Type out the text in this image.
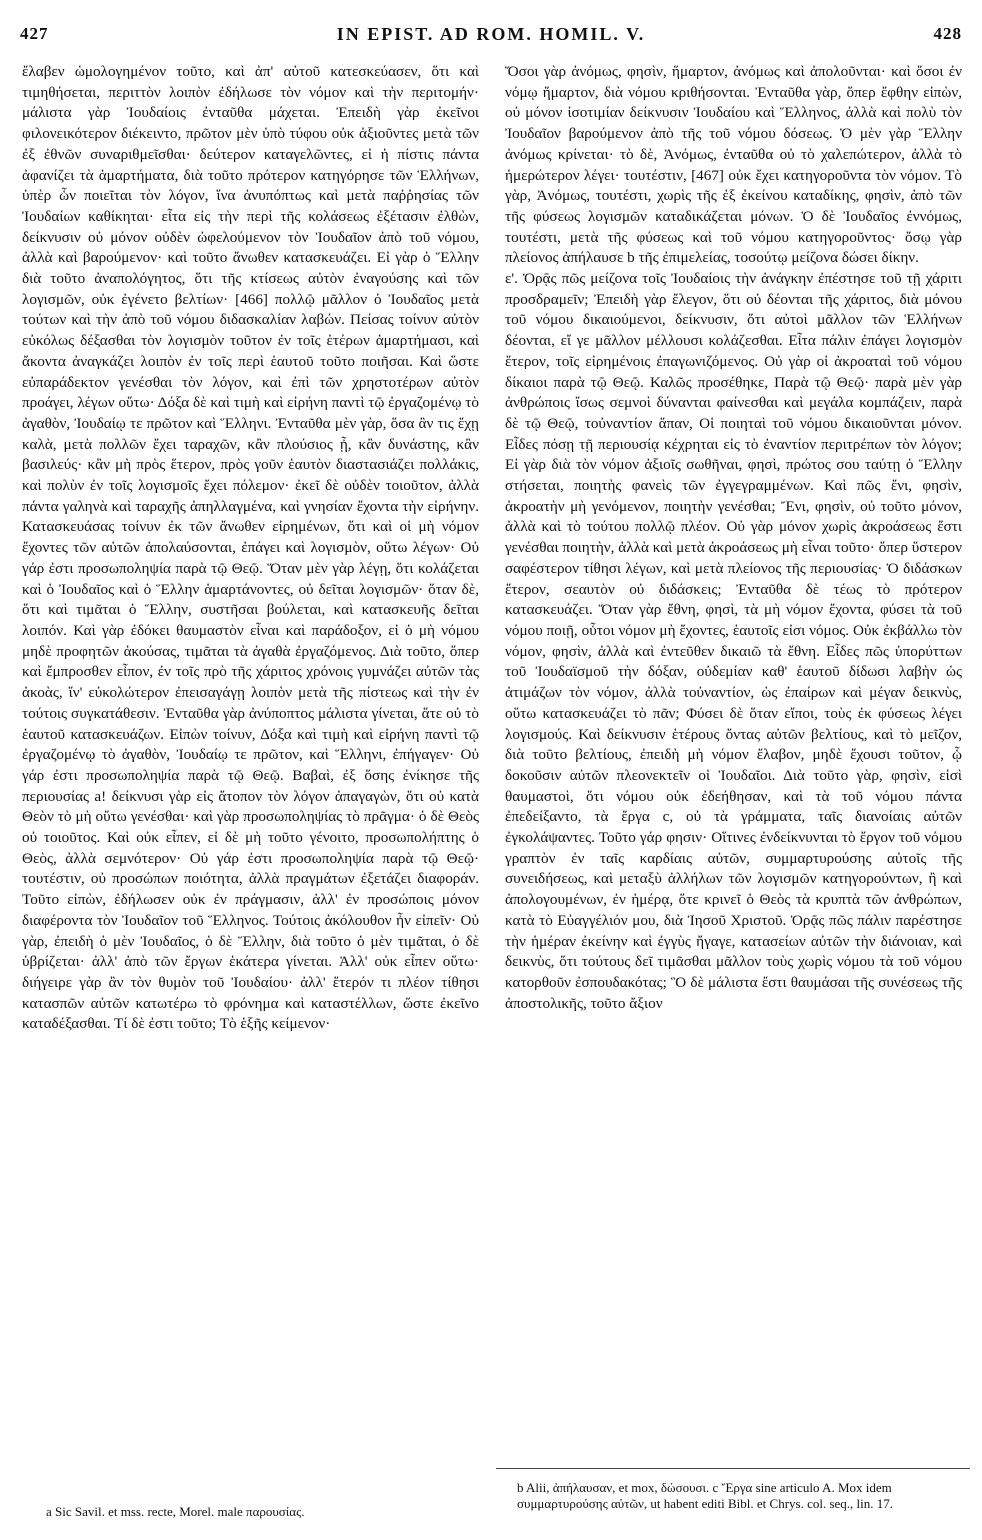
427	IN EPIST. AD ROM. HOMIL. V.	428

ἔλαβεν ὡμολογημένον τοῦτο, καὶ ἀπ' αὐτοῦ κατεσκεύασεν, ὅτι καὶ τιμηθήσεται, περιττὸν λοιπὸν ἐδήλωσε τὸν νόμον καὶ τὴν περιτομήν· μάλιστα γὰρ Ἰουδαίοις ἐνταῦθα μάχεται. Ἐπειδὴ γὰρ ἐκεῖνοι φιλονεικότερον διέκειντο, πρῶτον μὲν ὑπὸ τύφου οὐκ ἀξιοῦντες μετὰ τῶν ἐξ ἐθνῶν συναριθμεῖσθαι· δεύτερον καταγελῶντες, εἰ ἡ πίστις πάντα ἀφανίζει τὰ ἁμαρτήματα, διὰ τοῦτο πρότερον κατηγόρησε τῶν Ἑλλήνων, ὑπὲρ ὧν ποιεῖται τὸν λόγον, ἵνα ἀνυπόπτως καὶ μετὰ παῤῥησίας τῶν Ἰουδαίων καθίκηται· εἶτα εἰς τὴν περὶ τῆς κολάσεως ἐξέτασιν ἐλθὼν, δείκνυσιν οὐ μόνον οὐδὲν ὠφελούμενον τὸν Ἰουδαῖον ἀπὸ τοῦ νόμου, ἀλλὰ καὶ βαρούμενον· καὶ τοῦτο ἄνωθεν κατασκευάζει. Εἰ γὰρ ὁ Ἕλλην διὰ τοῦτο ἀναπολόγητος, ὅτι τῆς κτίσεως αὐτὸν ἐναγούσης καὶ τῶν λογισμῶν, οὐκ ἐγένετο βελτίων· [466] πολλῷ μᾶλλον ὁ Ἰουδαῖος μετὰ τούτων καὶ τὴν ἀπὸ τοῦ νόμου διδασκαλίαν λαβών. Πείσας τοίνυν αὐτὸν εὐκόλως δέξασθαι τὸν λογισμὸν τοῦτον ἐν τοῖς ἑτέρων ἁμαρτήμασι, καὶ ἄκοντα ἀναγκάζει λοιπὸν ἐν τοῖς περὶ ἑαυτοῦ τοῦτο ποιῆσαι. Καὶ ὥστε εὐπαράδεκτον γενέσθαι τὸν λόγον, καὶ ἐπὶ τῶν χρηστοτέρων αὐτὸν προάγει, λέγων οὕτω· Δόξα δὲ καὶ τιμὴ καὶ εἰρήνη παντὶ τῷ ἐργαζομένῳ τὸ ἀγαθὸν, Ἰουδαίῳ τε πρῶτον καὶ Ἕλληνι. Ἐνταῦθα μὲν γὰρ, ὅσα ἂν τις ἔχῃ καλὰ, μετὰ πολλῶν ἔχει ταραχῶν, κἂν πλούσιος ᾖ, κἂν δυνάστης, κἂν βασιλεύς· κἂν μὴ πρὸς ἕτερον, πρὸς γοῦν ἑαυτὸν διαστασιάζει πολλάκις, καὶ πολὺν ἐν τοῖς λογισμοῖς ἔχει πόλεμον· ἐκεῖ δὲ οὐδὲν τοιοῦτον, ἀλλὰ πάντα γαληνὰ καὶ ταραχῆς ἀπηλλαγμένα, καὶ γνησίαν ἔχοντα τὴν εἰρήνην. Κατασκευάσας τοίνυν ἐκ τῶν ἄνωθεν εἰρημένων, ὅτι καὶ οἱ μὴ νόμον ἔχοντες τῶν αὐτῶν ἀπολαύσονται, ἐπάγει καὶ λογισμὸν, οὕτω λέγων· Οὐ γάρ ἐστι προσωποληψία παρὰ τῷ Θεῷ. Ὅταν μὲν γὰρ λέγῃ, ὅτι κολάζεται καὶ ὁ Ἰουδαῖος καὶ ὁ Ἕλλην ἁμαρτάνοντες, οὐ δεῖται λογισμῶν· ὅταν δὲ, ὅτι καὶ τιμᾶται ὁ Ἕλλην, συστῆσαι βούλεται, καὶ κατασκευῆς δεῖται λοιπόν. Καὶ γὰρ ἐδόκει θαυμαστὸν εἶναι καὶ παράδοξον, εἰ ὁ μὴ νόμου μηδὲ προφητῶν ἀκούσας, τιμᾶται τὰ ἀγαθὰ ἐργαζόμενος. Διὰ τοῦτο, ὅπερ καὶ ἔμπροσθεν εἶπον, ἐν τοῖς πρὸ τῆς χάριτος χρόνοις γυμνάζει αὐτῶν τὰς ἀκοὰς, ἵν' εὐκολώτερον ἐπεισαγάγῃ λοιπὸν μετὰ τῆς πίστεως καὶ τὴν ἐν τούτοις συγκατάθεσιν. Ἐνταῦθα γὰρ ἀνύποπτος μάλιστα γίνεται, ἅτε οὐ τὸ ἑαυτοῦ κατασκευάζων. Εἰπὼν τοίνυν, Δόξα καὶ τιμὴ καὶ εἰρήνη παντὶ τῷ ἐργαζομένῳ τὸ ἀγαθὸν, Ἰουδαίῳ τε πρῶτον, καὶ Ἕλληνι, ἐπήγαγεν· Οὐ γάρ ἐστι προσωποληψία παρὰ τῷ Θεῷ. Βαβαὶ, ἐξ ὅσης ἐνίκησε τῆς περιουσίας a! δείκνυσι γὰρ εἰς ἄτοπον τὸν λόγον ἀπαγαγὼν, ὅτι οὐ κατὰ Θεὸν τὸ μὴ οὕτω γενέσθαι· καὶ γὰρ προσωποληψίας τὸ πρᾶγμα· ὁ δὲ Θεὸς οὐ τοιοῦτος. Καὶ οὐκ εἶπεν, εἰ δὲ μὴ τοῦτο γένοιτο, προσωπολήπτης ὁ Θεὸς, ἀλλὰ σεμνότερον· Οὐ γάρ ἐστι προσωποληψία παρὰ τῷ Θεῷ· τουτέστιν, οὐ προσώπων ποιότητα, ἀλλὰ πραγμάτων ἐξετάζει διαφοράν. Τοῦτο εἰπὼν, ἐδήλωσεν οὐκ ἐν πράγμασιν, ἀλλ' ἐν προσώποις μόνον διαφέροντα τὸν Ἰουδαῖον τοῦ Ἕλληνος. Τούτοις ἀκόλουθον ἦν εἰπεῖν· Οὐ γὰρ, ἐπειδὴ ὁ μὲν Ἰουδαῖος, ὁ δὲ Ἕλλην, διὰ τοῦτο ὁ μὲν τιμᾶται, ὁ δὲ ὑβρίζεται· ἀλλ' ἀπὸ τῶν ἔργων ἑκάτερα γίνεται. Ἀλλ' οὐκ εἶπεν οὕτω· διήγειρε γὰρ ἂν τὸν θυμὸν τοῦ Ἰουδαίου· ἀλλ' ἕτερόν τι πλέον τίθησι κατασπῶν αὐτῶν κατωτέρω τὸ φρόνημα καὶ καταστέλλων, ὥστε ἐκεῖνο καταδέξασθαι. Τί δὲ ἐστι τοῦτο; Τὸ ἑξῆς κείμενον·

Ὅσοι γὰρ ἀνόμως, φησὶν, ἥμαρτον, ἀνόμως καὶ ἀπολοῦνται· καὶ ὅσοι ἐν νόμῳ ἥμαρτον, διὰ νόμου κριθήσονται. Ἐνταῦθα γὰρ, ὅπερ ἔφθην εἰπὼν, οὐ μόνον ἰσοτιμίαν δείκνυσιν Ἰουδαίου καὶ Ἕλληνος, ἀλλὰ καὶ πολὺ τὸν Ἰουδαῖον βαρούμενον ἀπὸ τῆς τοῦ νόμου δόσεως. Ὁ μὲν γὰρ Ἕλλην ἀνόμως κρίνεται· τὸ δὲ, Ἀνόμως, ἐνταῦθα οὐ τὸ χαλεπώτερον, ἀλλὰ τὸ ἡμερώτερον λέγει· τουτέστιν, [467] οὐκ ἔχει κατηγοροῦντα τὸν νόμον. Τὸ γὰρ, Ἀνόμως, τουτέστι, χωρὶς τῆς ἐξ ἐκείνου καταδίκης, φησὶν, ἀπὸ τῶν τῆς φύσεως λογισμῶν καταδικάζεται μόνων. Ὁ δὲ Ἰουδαῖος ἐννόμως, τουτέστι, μετὰ τῆς φύσεως καὶ τοῦ νόμου κατηγοροῦντος· ὅσῳ γὰρ πλείονος ἀπήλαυσε b τῆς ἐπιμελείας, τοσούτῳ μείζονα δώσει δίκην.

ε'. Ὁρᾷς πῶς μείζονα τοῖς Ἰουδαίοις τὴν ἀνάγκην ἐπέστησε τοῦ τῇ χάριτι προσδραμεῖν; Ἐπειδὴ γὰρ ἔλεγον, ὅτι οὐ δέονται τῆς χάριτος, διὰ μόνου τοῦ νόμου δικαιούμενοι, δείκνυσιν, ὅτι αὐτοὶ μᾶλλον τῶν Ἑλλήνων δέονται, εἴ γε μᾶλλον μέλλουσι κολάζεσθαι. Εἶτα πάλιν ἐπάγει λογισμὸν ἕτερον, τοῖς εἰρημένοις ἐπαγωνιζόμενος. Οὐ γὰρ οἱ ἀκροαταὶ τοῦ νόμου δίκαιοι παρὰ τῷ Θεῷ. Καλῶς προσέθηκε, Παρὰ τῷ Θεῷ· παρὰ μὲν γὰρ ἀνθρώποις ἴσως σεμνοὶ δύνανται φαίνεσθαι καὶ μεγάλα κομπάζειν, παρὰ δὲ τῷ Θεῷ, τοὐναντίον ἅπαν, Οἱ ποιηταὶ τοῦ νόμου δικαιοῦνται μόνον. Εἶδες πόσῃ τῇ περιουσίᾳ κέχρηται εἰς τὸ ἐναντίον περιτρέπων τὸν λόγον; Εἰ γὰρ διὰ τὸν νόμον ἀξιοῖς σωθῆναι, φησὶ, πρώτος σου ταύτῃ ὁ Ἕλλην στήσεται, ποιητὴς φανεὶς τῶν ἐγγεγραμμένων. Καὶ πῶς ἔνι, φησὶν, ἀκροατὴν μὴ γενόμενον, ποιητὴν γενέσθαι; Ἔνι, φησὶν, οὐ τοῦτο μόνον, ἀλλὰ καὶ τὸ τούτου πολλῷ πλέον. Οὐ γὰρ μόνον χωρὶς ἀκροάσεως ἔστι γενέσθαι ποιητὴν, ἀλλὰ καὶ μετὰ ἀκροάσεως μὴ εἶναι τοῦτο· ὅπερ ὕστερον σαφέστερον τίθησι λέγων, καὶ μετὰ πλείονος τῆς περιουσίας· Ὁ διδάσκων ἕτερον, σεαυτὸν οὐ διδάσκεις; Ἐνταῦθα δὲ τέως τὸ πρότερον κατασκευάζει. Ὅταν γὰρ ἔθνη, φησὶ, τὰ μὴ νόμον ἔχοντα, φύσει τὰ τοῦ νόμου ποιῇ, οὗτοι νόμον μὴ ἔχοντες, ἑαυτοῖς εἰσι νόμος. Οὐκ ἐκβάλλω τὸν νόμον, φησὶν, ἀλλὰ καὶ ἐντεῦθεν δικαιῶ τὰ ἔθνη. Εἶδες πῶς ὑπορύττων τοῦ Ἰουδαϊσμοῦ τὴν δόξαν, οὐδεμίαν καθ' ἑαυτοῦ δίδωσι λαβὴν ὡς ἀτιμάζων τὸν νόμον, ἀλλὰ τοὐναντίον, ὡς ἐπαίρων καὶ μέγαν δεικνὺς, οὕτω κατασκευάζει τὸ πᾶν; Φύσει δὲ ὅταν εἴποι, τοὺς ἐκ φύσεως λέγει λογισμούς. Καὶ δείκνυσιν ἑτέρους ὄντας αὐτῶν βελτίους, καὶ τὸ μεῖζον, διὰ τοῦτο βελτίους, ἐπειδὴ μὴ νόμον ἔλαβον, μηδὲ ἔχουσι τοῦτον, ᾧ δοκοῦσιν αὐτῶν πλεονεκτεῖν οἱ Ἰουδαῖοι. Διὰ τοῦτο γὰρ, φησὶν, εἰσὶ θαυμαστοὶ, ὅτι νόμου οὐκ ἐδεήθησαν, καὶ τὰ τοῦ νόμου πάντα ἐπεδείξαντο, τὰ ἔργα c, οὐ τὰ γράμματα, ταῖς διανοίαις αὐτῶν ἐγκολάψαντες. Τοῦτο γάρ φησιν· Οἵτινες ἐνδείκνυνται τὸ ἔργον τοῦ νόμου γραπτὸν ἐν ταῖς καρδίαις αὐτῶν, συμμαρτυρούσης αὐτοῖς τῆς συνειδήσεως, καὶ μεταξὺ ἀλλήλων τῶν λογισμῶν κατηγορούντων, ἢ καὶ ἀπολογουμένων, ἐν ἡμέρᾳ, ὅτε κρινεῖ ὁ Θεὸς τὰ κρυπτὰ τῶν ἀνθρώπων, κατὰ τὸ Εὐαγγέλιόν μου, διὰ Ἰησοῦ Χριστοῦ. Ὁρᾷς πῶς πάλιν παρέστησε τὴν ἡμέραν ἐκείνην καὶ ἐγγὺς ἤγαγε, κατασείων αὐτῶν τὴν διάνοιαν, καὶ δεικνὺς, ὅτι τούτους δεῖ τιμᾶσθαι μᾶλλον τοὺς χωρὶς νόμου τὰ τοῦ νόμου κατορθοῦν ἐσπουδακότας; Ὃ δὲ μάλιστα ἔστι θαυμάσαι τῆς συνέσεως τῆς ἀποστολικῆς, τοῦτο ἄξιον

a Sic Savil. et mss. recte, Morel. male παρουσίας.
b Alii, ἀπήλαυσαν, et mox, δώσουσι. c Ἔργα sine articulo A. Mox idem συμμαρτυρούσης αὐτῶν, ut habent editi Bibl. et Chrys. col. seq., lin. 17.
